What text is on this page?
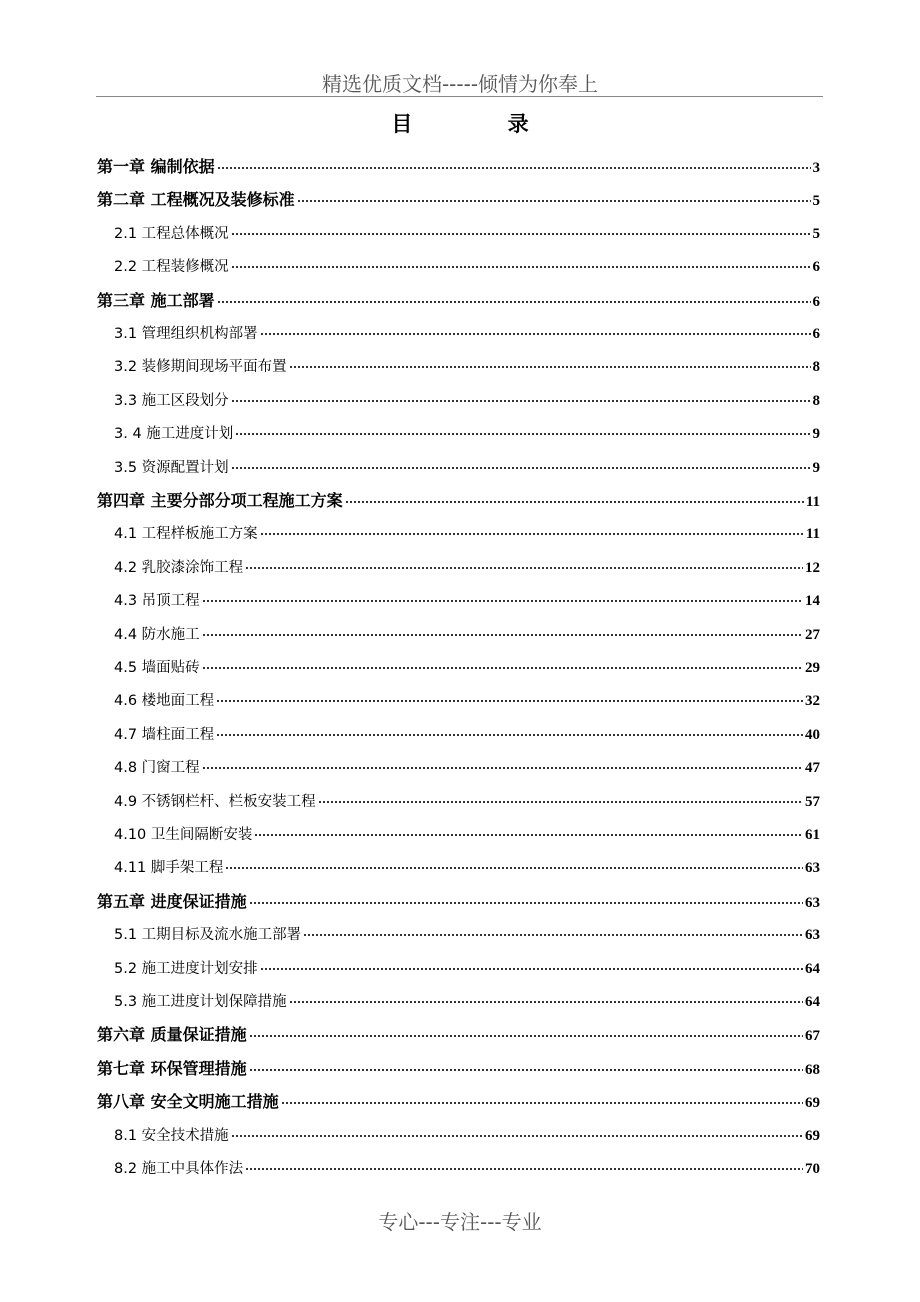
精选优质文档-----倾情为你奉上
目 录
第一章 编制依据	3
第二章 工程概况及装修标准	5
2.1 工程总体概况	5
2.2 工程装修概况	6
第三章 施工部署	6
3.1 管理组织机构部署	6
3.2 装修期间现场平面布置	8
3.3 施工区段划分	8
3. 4 施工进度计划	9
3.5 资源配置计划	9
第四章 主要分部分项工程施工方案	11
4.1 工程样板施工方案	11
4.2 乳胶漆涂饰工程	12
4.3 吊顶工程	14
4.4 防水施工	27
4.5 墙面贴砖	29
4.6 楼地面工程	32
4.7 墙柱面工程	40
4.8 门窗工程	47
4.9 不锈钢栏杆、栏板安装工程	57
4.10 卫生间隔断安装	61
4.11 脚手架工程	63
第五章 进度保证措施	63
5.1 工期目标及流水施工部署	63
5.2 施工进度计划安排	64
5.3 施工进度计划保障措施	64
第六章 质量保证措施	67
第七章 环保管理措施	68
第八章 安全文明施工措施	69
8.1 安全技术措施	69
8.2 施工中具体作法	70
专心---专注---专业
